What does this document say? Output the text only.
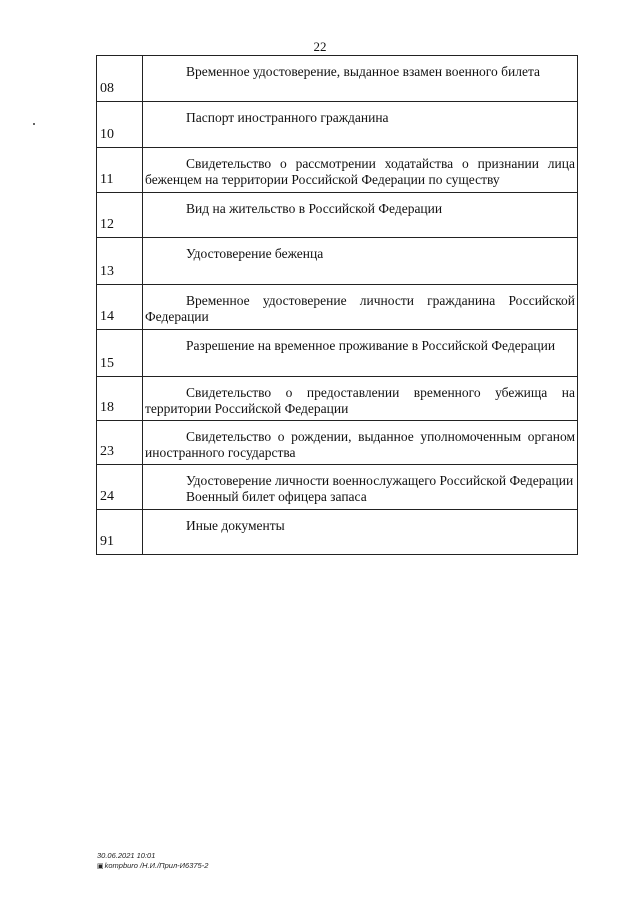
22
08	Временное удостоверение, выданное взамен военного билета

10	Паспорт иностранного гражданина

11	Свидетельство о рассмотрении ходатайства о признании лица беженцем на территории Российской Федерации по существу

12	Вид на жительство в Российской Федерации

13	Удостоверение беженца

14	Временное удостоверение личности гражданина Российской Федерации

15	Разрешение на временное проживание в Российской Федерации

18	Свидетельство о предоставлении временного убежища на территории Российской Федерации

23	Свидетельство о рождении, выданное уполномоченным органом иностранного государства

24	Удостоверение личности военнослужащего Российской Федерации
Военный билет офицера запаса

91	Иные документы
30.06.2021 10:01
▣kompburo /Н.И./Прил-И6375-2
